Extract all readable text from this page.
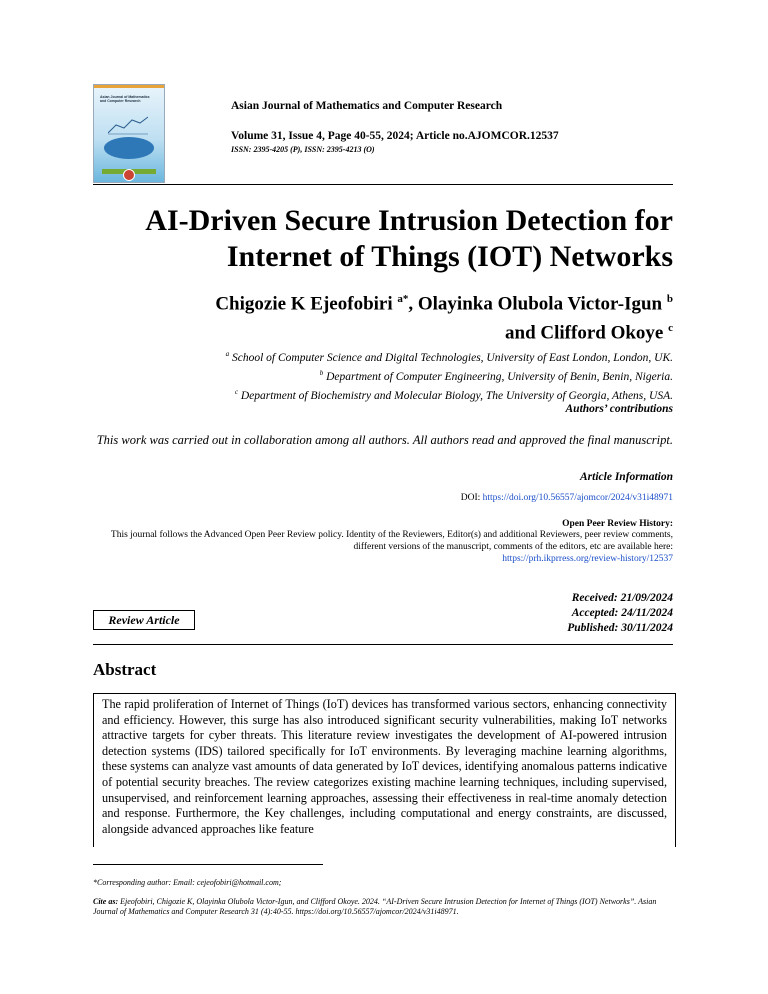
Asian Journal of Mathematics and Computer Research	Asian Journal of Mathematics and Computer Research
Volume 31, Issue 4, Page 40-55, 2024; Article no.AJOMCOR.12537
ISSN: 2395-4205 (P), ISSN: 2395-4213 (O)
AI-Driven Secure Intrusion Detection for
Internet of Things (IOT) Networks
Chigozie K Ejeofobiri $^{a*}$, Olayinka Olubola Victor-Igun $^b$
and Clifford Okoye $^c$
$^a$ School of Computer Science and Digital Technologies, University of East London, London, UK.
$^b$ Department of Computer Engineering, University of Benin, Benin, Nigeria.
$^c$ Department of Biochemistry and Molecular Biology, The University of Georgia, Athens, USA.
Authors’ contributions
This work was carried out in collaboration among all authors. All authors read and approved the final manuscript.
Article Information
DOI: https://doi.org/10.56557/ajomcor/2024/v31i48971
Open Peer Review History:
This journal follows the Advanced Open Peer Review policy. Identity of the Reviewers, Editor(s) and additional Reviewers, peer review comments, different versions of the manuscript, comments of the editors, etc are available here:
https://prh.ikprress.org/review-history/12537
Received: 21/09/2024
Accepted: 24/11/2024
Published: 30/11/2024
Review Article
Abstract
The rapid proliferation of Internet of Things (IoT) devices has transformed various sectors, enhancing connectivity and efficiency. However, this surge has also introduced significant security vulnerabilities, making IoT networks attractive targets for cyber threats. This literature review investigates the development of AI-powered intrusion detection systems (IDS) tailored specifically for IoT environments. By leveraging machine learning algorithms, these systems can analyze vast amounts of data generated by IoT devices, identifying anomalous patterns indicative of potential security breaches. The review categorizes existing machine learning techniques, including supervised, unsupervised, and reinforcement learning approaches, assessing their effectiveness in real-time anomaly detection and response. Furthermore, the Key challenges, including computational and energy constraints, are discussed, alongside advanced approaches like feature
*Corresponding author: Email: cejeofobiri@hotmail.com;
Cite as: Ejeofobiri, Chigozie K, Olayinka Olubola Victor-Igun, and Clifford Okoye. 2024. “AI-Driven Secure Intrusion Detection for Internet of Things (IOT) Networks”. Asian Journal of Mathematics and Computer Research 31 (4):40-55. https://doi.org/10.56557/ajomcor/2024/v31i48971.
